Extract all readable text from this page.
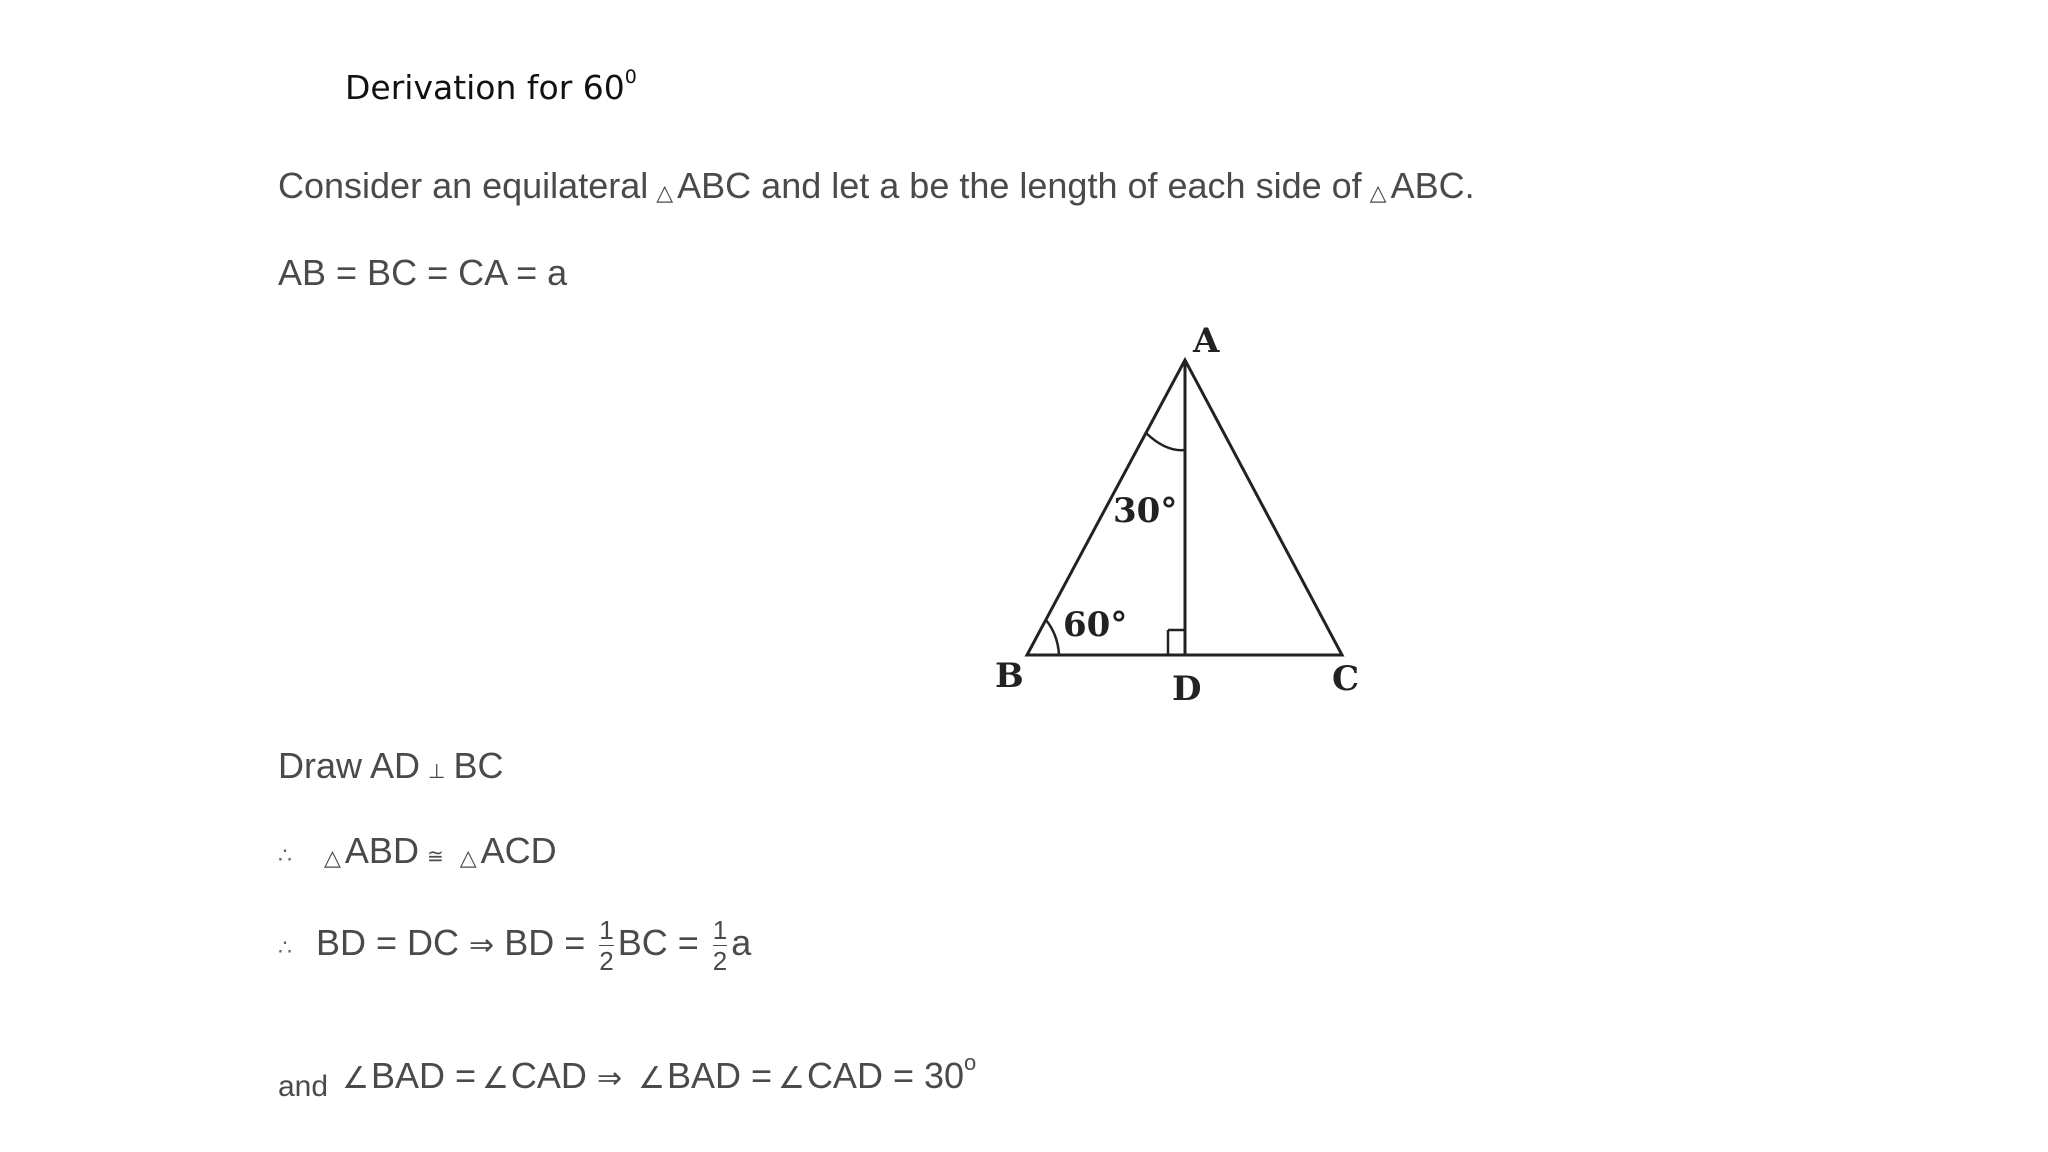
Derivation for $60^0$
Consider an equilateral △ ABC and let a be the length of each side of △ ABC.
AB = BC = CA = a
A
B	C
D
30°
60°
Draw AD ⊥ BC
∴ △ ABD ≅ △ ACD
∴ BD = DC ⇒ BD = $\frac{1}{2}$ BC = $\frac{1}{2}$ a
$_{and}$ ∠BAD = ∠CAD ⇒ ∠BAD = ∠CAD = $30^o$
